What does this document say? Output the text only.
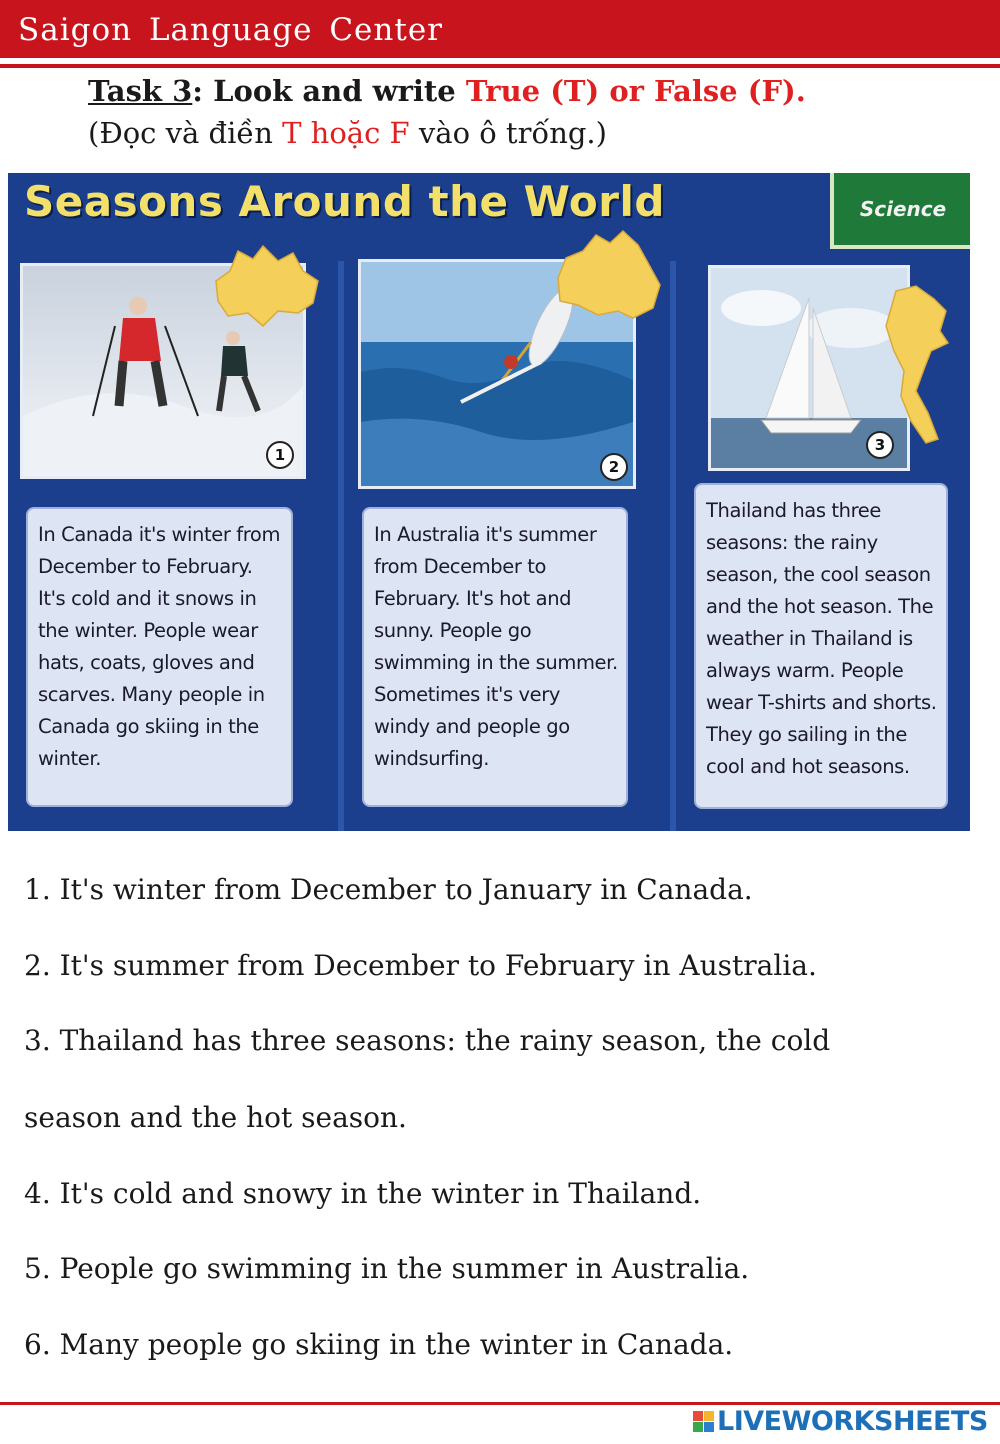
Saigon Language Center
Task 3: Look and write True (T) or False (F).
(Đọc và điền T hoặc F vào ô trống.)
Seasons Around the World	Science
1
In Canada it's winter from December to February. It's cold and it snows in the winter. People wear hats, coats, gloves and scarves. Many people in Canada go skiing in the winter.
2
In Australia it's summer from December to February. It's hot and sunny. People go swimming in the summer. Sometimes it's very windy and people go windsurfing.
3
Thailand has three seasons: the rainy season, the cool season and the hot season. The weather in Thailand is always warm. People wear T-shirts and shorts. They go sailing in the cool and hot seasons.
1. It's winter from December to January in Canada.
2. It's summer from December to February in Australia.
3. Thailand has three seasons: the rainy season, the cold
season and the hot season.
4. It's cold and snowy in the winter in Thailand.
5. People go swimming in the summer in Australia.
6. Many people go skiing in the winter in Canada.
LIVEWORKSHEETS
